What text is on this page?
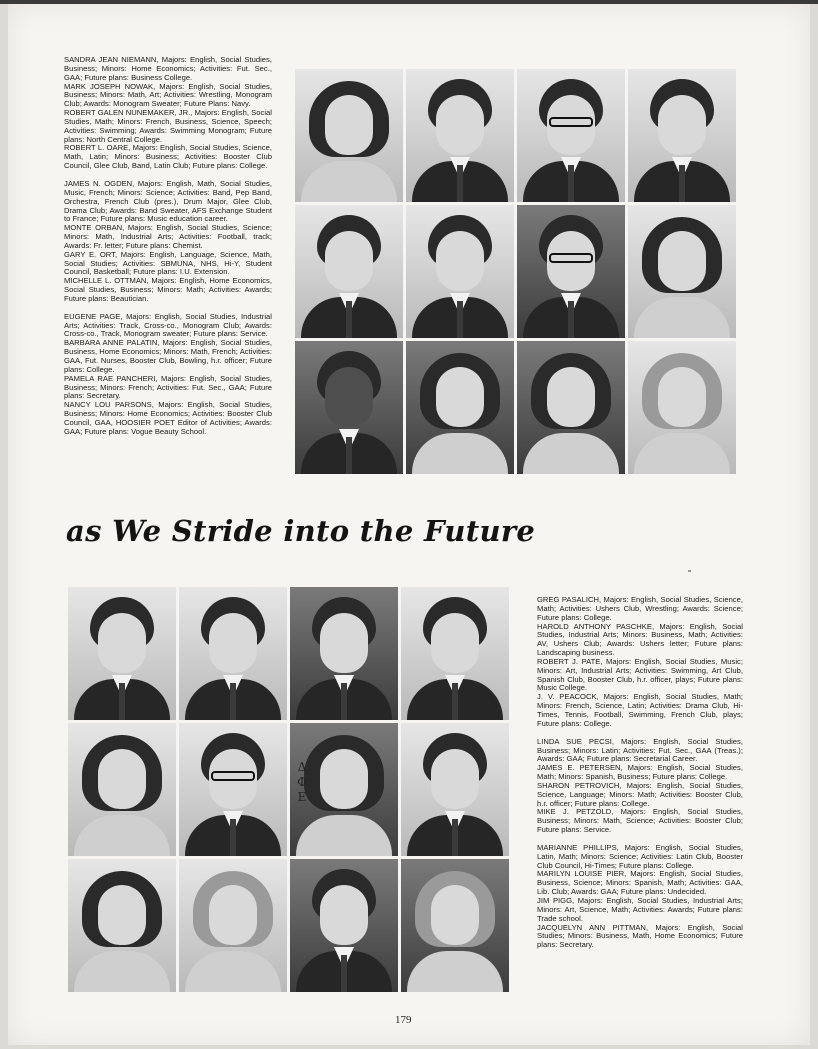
SANDRA JEAN NIEMANN, Majors: English, Social Studies, Business; Minors: Home Economics; Activities: Fut. Sec., GAA; Future plans: Business College.

MARK JOSEPH NOWAK, Majors: English, Social Studies, Business; Minors: Math, Art; Activities: Wrestling, Monogram Club; Awards: Monogram Sweater; Future Plans: Navy.

ROBERT GALEN NUNEMAKER, JR., Majors: English, Social Studies, Math; Minors: French, Business, Science, Speech; Activities: Swimming; Awards: Swimming Monogram; Future plans: North Central College.

ROBERT L. OARE, Majors: English, Social Studies, Science, Math, Latin; Minors: Business; Activities: Booster Club Council, Glee Club, Band, Latin Club; Future plans: College.

JAMES N. OGDEN, Majors: English, Math, Social Studies, Music, French; Minors: Science; Activities: Band, Pep Band, Orchestra, French Club (pres.), Drum Major, Glee Club, Drama Club; Awards: Band Sweater, AFS Exchange Student to France; Future plans: Music education career.

MONTE ORBAN, Majors: English, Social Studies, Science; Minors: Math, Industrial Arts; Activities: Football, track; Awards: Fr. letter; Future plans: Chemist.

GARY E. ORT, Majors: English, Language, Science, Math, Social Studies; Activities: SBMUNA, NHS, Hi-Y, Student Council, Basketball; Future plans: I.U. Extension.

MICHELLE L. OTTMAN, Majors: English, Home Economics, Social Studies, Business; Minors: Math; Activities: Awards; Future plans: Beautician.

EUGENE PAGE, Majors: English, Social Studies, Industrial Arts; Activities: Track, Cross-co., Monogram Club; Awards: Cross-co., Track, Monogram sweater; Future plans: Service.

BARBARA ANNE PALATIN, Majors: English, Social Studies, Business, Home Economics; Minors: Math, French; Activities: GAA, Fut. Nurses, Booster Club, Bowling, h.r. officer; Future plans: College.

PAMELA RAE PANCHERI, Majors: English, Social Studies, Business; Minors: French; Activities: Fut. Sec., GAA; Future plans: Secretary.

NANCY LOU PARSONS, Majors: English, Social Studies, Business; Minors: Home Economics; Activities: Booster Club Council, GAA, HOOSIER POET Editor of Activities; Awards: GAA; Future plans: Vogue Beauty School.

as We Stride into the Future
Δ
Φ
Ε

GREG PASALICH, Majors: English, Social Studies, Science, Math; Activities: Ushers Club, Wrestling; Awards: Science; Future plans: College.

HAROLD ANTHONY PASCHKE, Majors: English, Social Studies, Industrial Arts; Minors: Business, Math; Activities: AV, Ushers Club; Awards: Ushers letter; Future plans: Landscaping business.

ROBERT J. PATE, Majors: English, Social Studies, Music; Minors: Art, Industrial Arts; Activities: Swimming, Art Club, Spanish Club, Booster Club, h.r. officer, plays; Future plans: Music College.

J. V. PEACOCK, Majors: English, Social Studies, Math; Minors: French, Science, Latin; Activities: Drama Club, Hi-Times, Tennis, Football, Swimming, French Club, plays; Future plans: College.

LINDA SUE PECSI, Majors: English, Social Studies, Business; Minors: Latin; Activities: Fut. Sec., GAA (Treas.); Awards: GAA; Future plans: Secretarial Career.

JAMES E. PETERSEN, Majors: English, Social Studies, Math; Minors: Spanish, Business; Future plans: College.

SHARON PETROVICH, Majors: English, Social Studies, Science, Language; Minors: Math; Activities: Booster Club, h.r. officer; Future plans: College.

MIKE J. PETZOLD, Majors: English, Social Studies, Business; Minors: Math, Science; Activities: Booster Club; Future plans: Service.

MARIANNE PHILLIPS, Majors: English, Social Studies, Latin, Math; Minors: Science; Activities: Latin Club, Booster Club Council, Hi-Times; Future plans: College.

MARILYN LOUISE PIER, Majors: English, Social Studies, Business, Science; Minors: Spanish, Math; Activities: GAA, Lib. Club; Awards: GAA; Future plans: Undecided.

JIM PIGG, Majors: English, Social Studies, Industrial Arts; Minors: Art, Science, Math; Activities: Awards; Future plans: Trade school.

JACQUELYN ANN PITTMAN, Majors: English, Social Studies; Minors: Business, Math, Home Economics; Future plans: Secretary.

179
